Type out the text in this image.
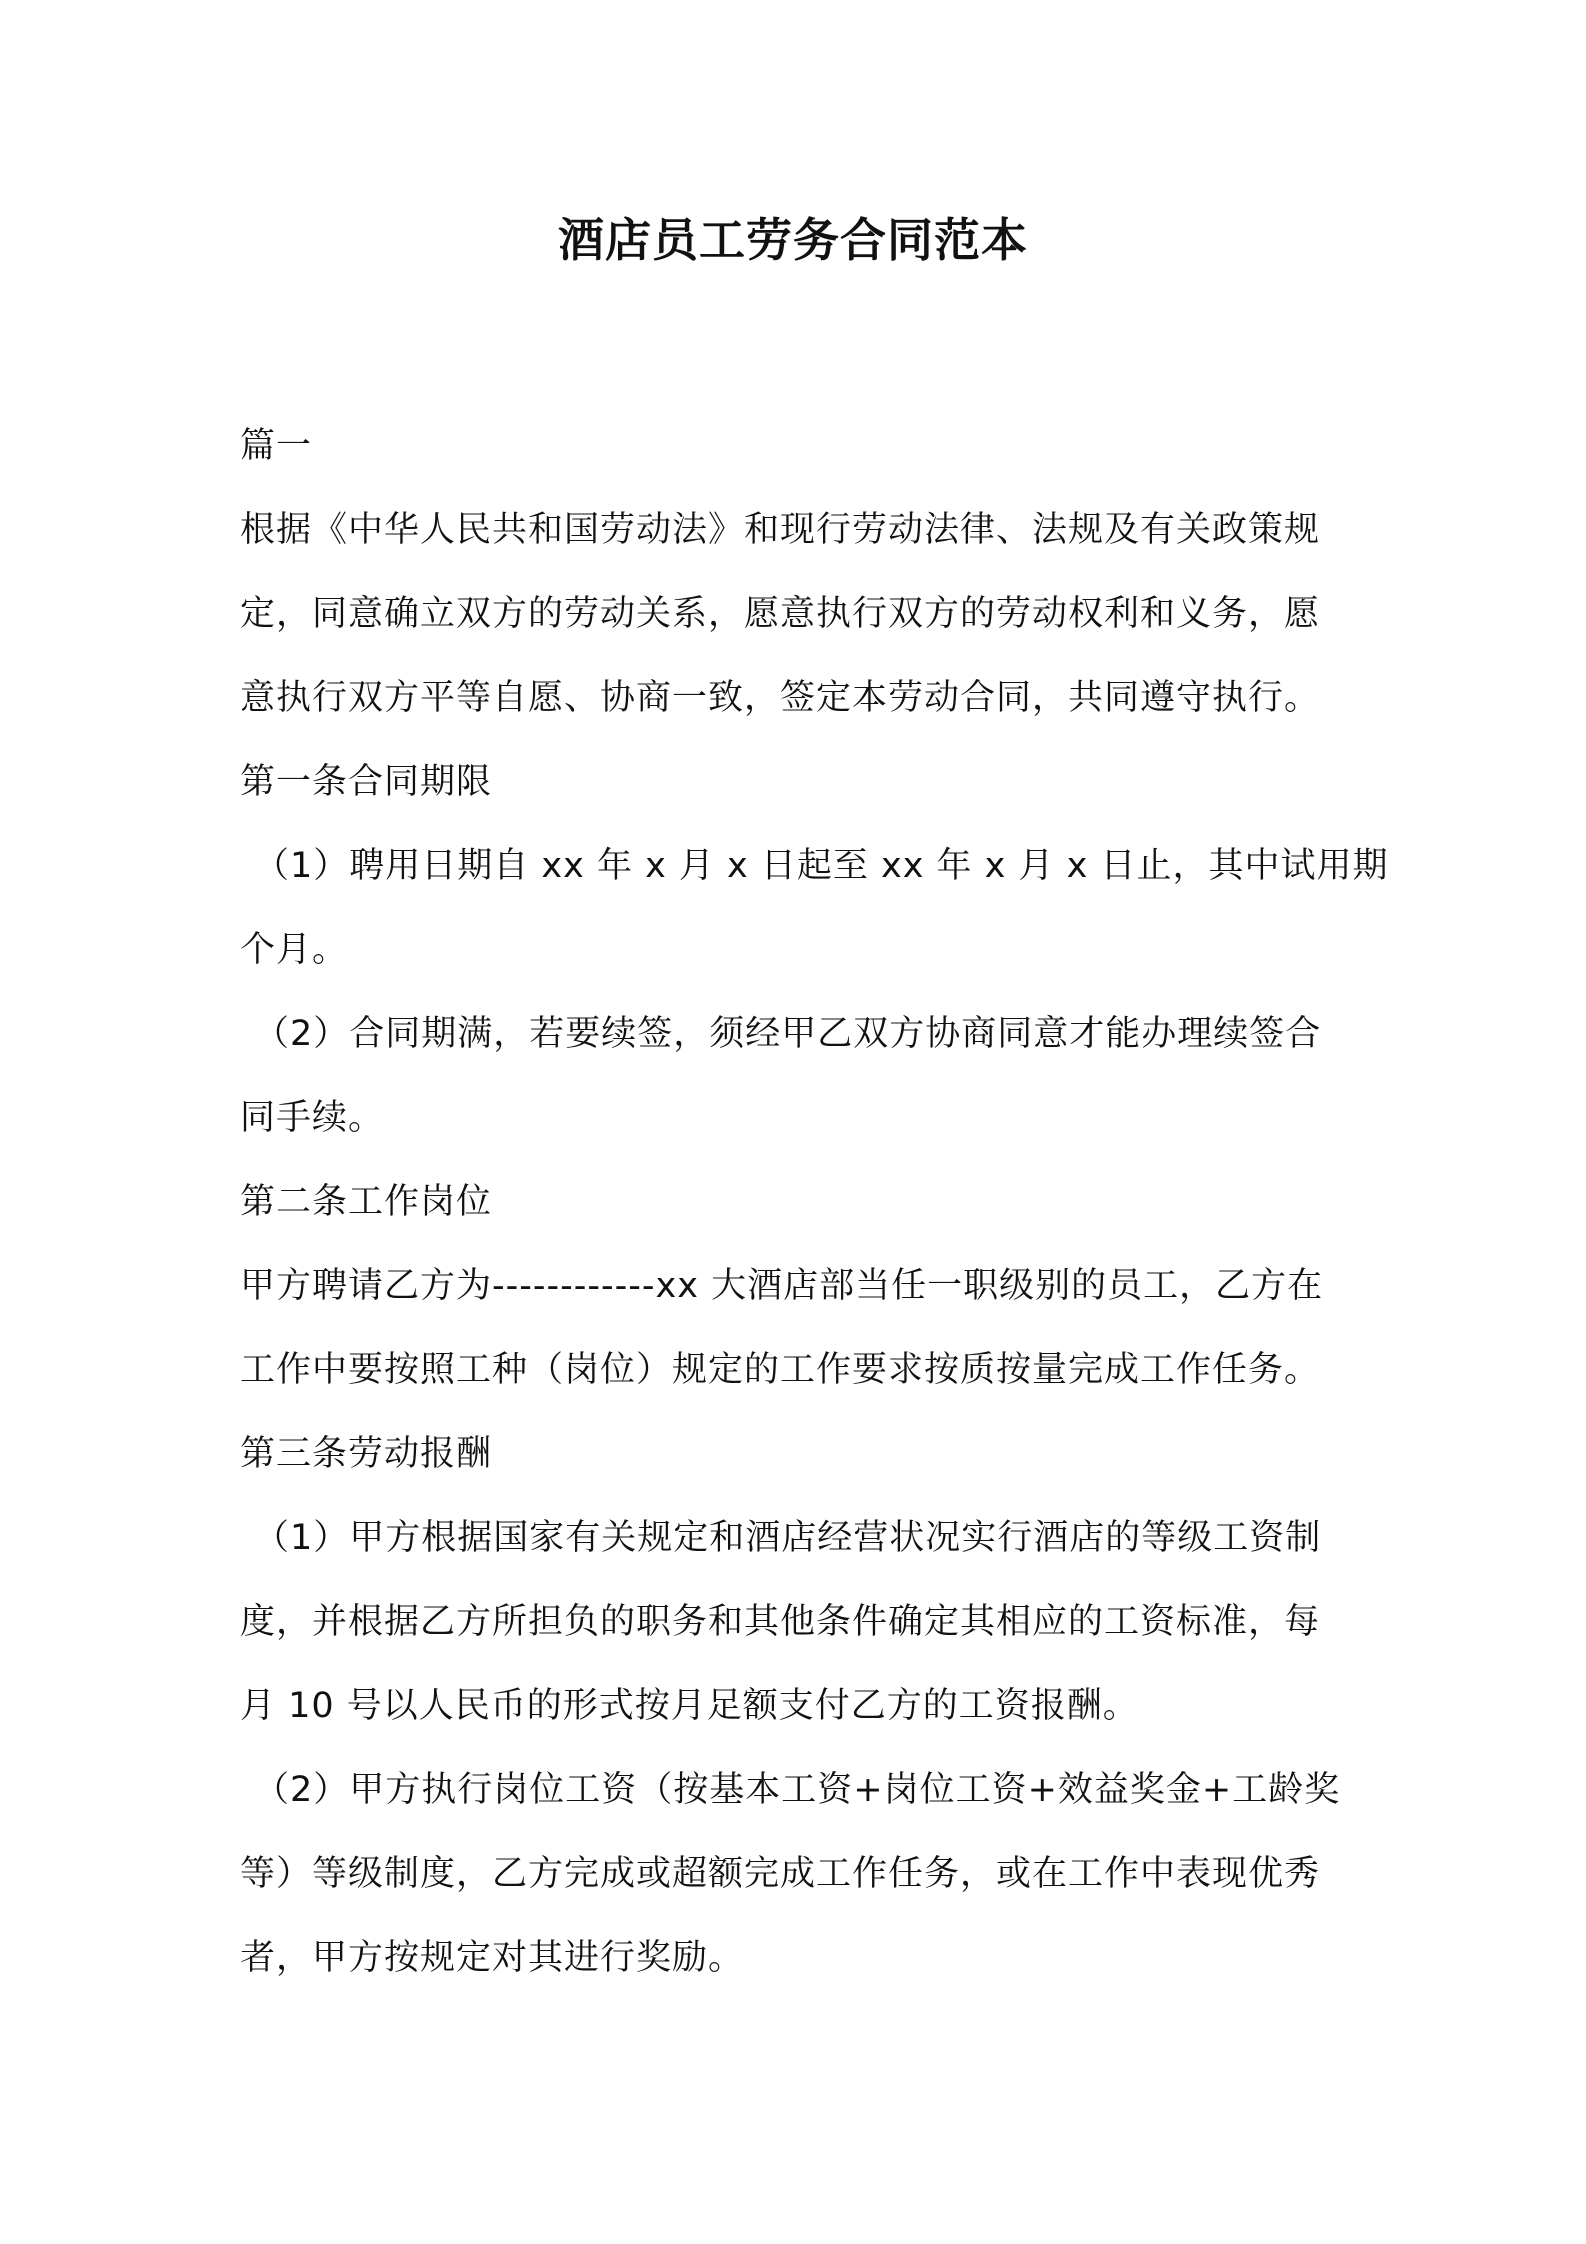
酒店员工劳务合同范本
篇一
根据《中华人民共和国劳动法》和现行劳动法律、法规及有关政策规
定，同意确立双方的劳动关系，愿意执行双方的劳动权利和义务，愿
意执行双方平等自愿、协商一致，签定本劳动合同，共同遵守执行。
第一条合同期限
（1）聘用日期自 xx 年 x 月 x 日起至 xx 年 x 月 x 日止，其中试用期
个月。
（2）合同期满，若要续签，须经甲乙双方协商同意才能办理续签合
同手续。
第二条工作岗位
甲方聘请乙方为------------xx 大酒店部当任一职级别的员工，乙方在
工作中要按照工种（岗位）规定的工作要求按质按量完成工作任务。
第三条劳动报酬
（1）甲方根据国家有关规定和酒店经营状况实行酒店的等级工资制
度，并根据乙方所担负的职务和其他条件确定其相应的工资标准，每
月 10 号以人民币的形式按月足额支付乙方的工资报酬。
（2）甲方执行岗位工资（按基本工资+岗位工资+效益奖金+工龄奖
等）等级制度，乙方完成或超额完成工作任务，或在工作中表现优秀
者，甲方按规定对其进行奖励。
